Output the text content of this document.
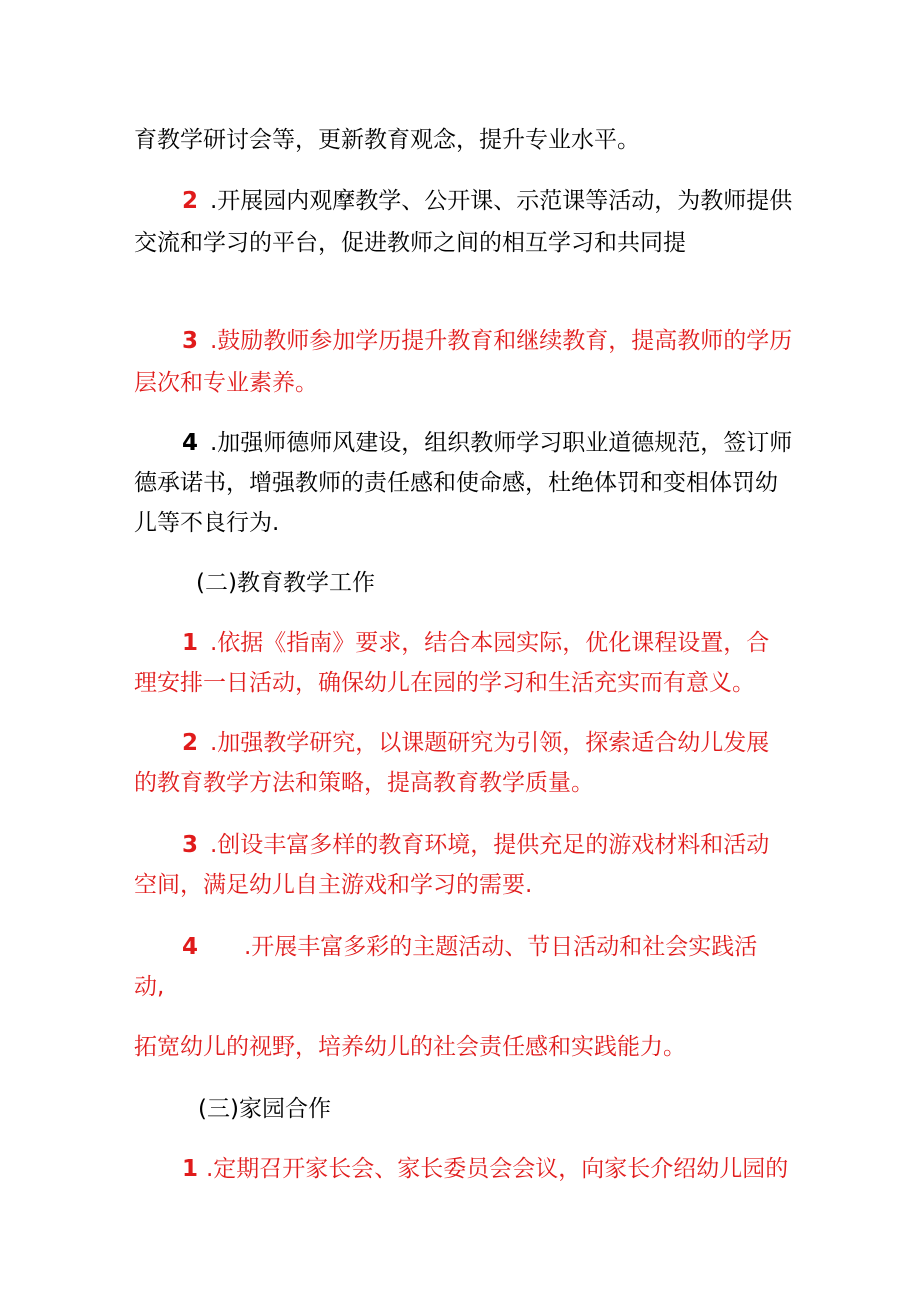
育教学研讨会等，更新教育观念，提升专业水平。
2 .开展园内观摩教学、公开课、示范课等活动，为教师提供
交流和学习的平台，促进教师之间的相互学习和共同提
3 .鼓励教师参加学历提升教育和继续教育，提高教师的学历
层次和专业素养。
4 .加强师德师风建设，组织教师学习职业道德规范，签订师
德承诺书，增强教师的责任感和使命感，杜绝体罚和变相体罚幼
儿等不良行为.
(二)教育教学工作
1 .依据《指南》要求，结合本园实际，优化课程设置，合
理安排一日活动，确保幼儿在园的学习和生活充实而有意义。
2 .加强教学研究，以课题研究为引领，探索适合幼儿发展
的教育教学方法和策略，提高教育教学质量。
3 .创设丰富多样的教育环境，提供充足的游戏材料和活动
空间，满足幼儿自主游戏和学习的需要.
4 .开展丰富多彩的主题活动、节日活动和社会实践活
动,
拓宽幼儿的视野，培养幼儿的社会责任感和实践能力。
(三)家园合作
1 .定期召开家长会、家长委员会会议，向家长介绍幼儿园的
